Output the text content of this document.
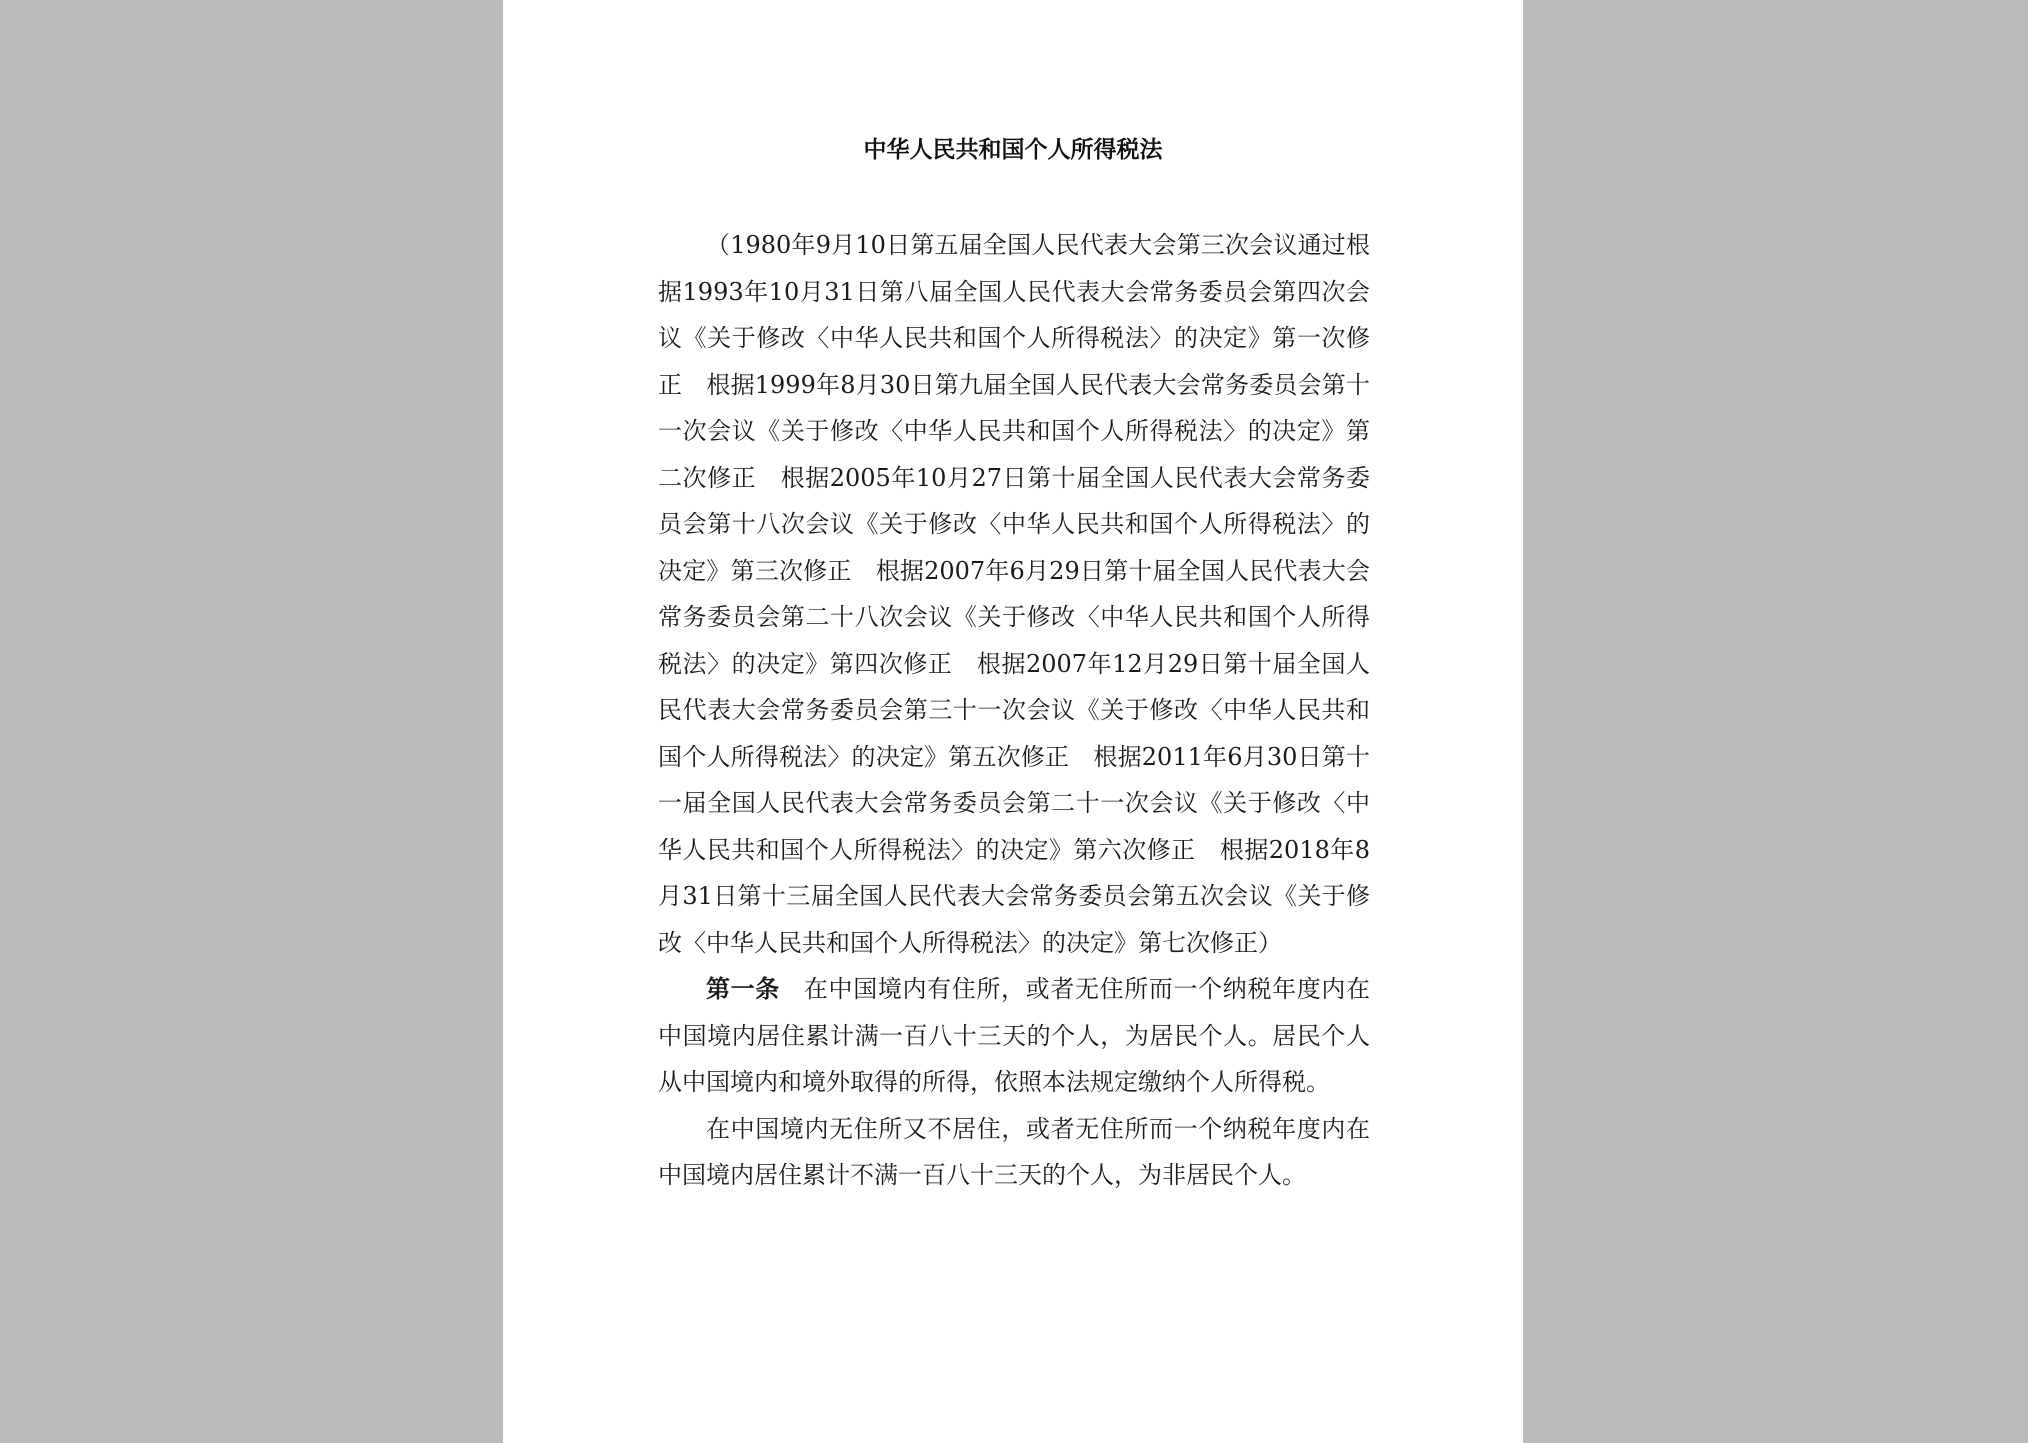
中华人民共和国个人所得税法

（1980年9月10日第五届全国人民代表大会第三次会议通过根据1993年10月31日第八届全国人民代表大会常务委员会第四次会议《关于修改〈中华人民共和国个人所得税法〉的决定》第一次修正　根据1999年8月30日第九届全国人民代表大会常务委员会第十一次会议《关于修改〈中华人民共和国个人所得税法〉的决定》第二次修正　根据2005年10月27日第十届全国人民代表大会常务委员会第十八次会议《关于修改〈中华人民共和国个人所得税法〉的决定》第三次修正　根据2007年6月29日第十届全国人民代表大会常务委员会第二十八次会议《关于修改〈中华人民共和国个人所得税法〉的决定》第四次修正　根据2007年12月29日第十届全国人民代表大会常务委员会第三十一次会议《关于修改〈中华人民共和国个人所得税法〉的决定》第五次修正　根据2011年6月30日第十一届全国人民代表大会常务委员会第二十一次会议《关于修改〈中华人民共和国个人所得税法〉的决定》第六次修正　根据2018年8月31日第十三届全国人民代表大会常务委员会第五次会议《关于修改〈中华人民共和国个人所得税法〉的决定》第七次修正）

第一条 在中国境内有住所，或者无住所而一个纳税年度内在中国境内居住累计满一百八十三天的个人，为居民个人。居民个人从中国境内和境外取得的所得，依照本法规定缴纳个人所得税。

在中国境内无住所又不居住，或者无住所而一个纳税年度内在中国境内居住累计不满一百八十三天的个人，为非居民个人。
